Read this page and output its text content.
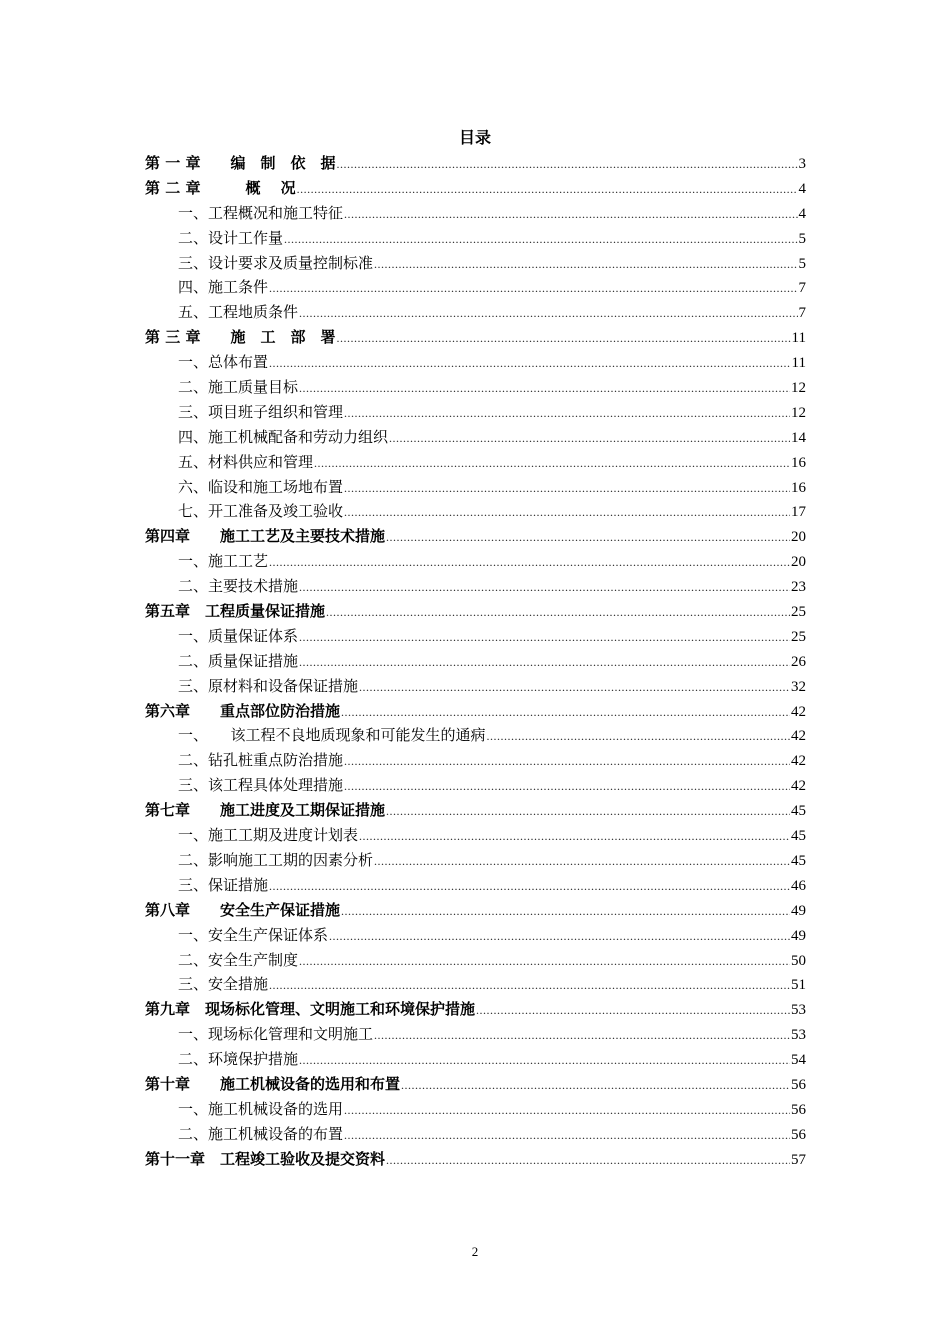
目录
第 一 章　　编　制　依　据 .....	3
第 二 章　　　概　 况 .....	4
一、工程概况和施工特征 .....	4
二、设计工作量 .....	5
三、设计要求及质量控制标准 .....	5
四、施工条件 .....	7
五、工程地质条件 .....	7
第 三 章　　施　工　部　署 .....	11
一、总体布置 .....	11
二、施工质量目标 .....	12
三、项目班子组织和管理 .....	12
四、施工机械配备和劳动力组织 .....	14
五、材料供应和管理 .....	16
六、临设和施工场地布置 .....	16
七、开工准备及竣工验收 .....	17
第四章　　施工工艺及主要技术措施 .....	20
一、施工工艺 .....	20
二、主要技术措施 .....	23
第五章　工程质量保证措施 .....	25
一、质量保证体系 .....	25
二、质量保证措施 .....	26
三、原材料和设备保证措施 .....	32
第六章　　重点部位防治措施 .....	42
一、　　该工程不良地质现象和可能发生的通病 .....	42
二、钻孔桩重点防治措施 .....	42
三、该工程具体处理措施 .....	42
第七章　　施工进度及工期保证措施 .....	45
一、施工工期及进度计划表 .....	45
二、影响施工工期的因素分析 .....	45
三、保证措施 .....	46
第八章　　安全生产保证措施 .....	49
一、安全生产保证体系 .....	49
二、安全生产制度 .....	50
三、安全措施 .....	51
第九章　现场标化管理、文明施工和环境保护措施 .....	53
一、现场标化管理和文明施工 .....	53
二、环境保护措施 .....	54
第十章　　施工机械设备的选用和布置 .....	56
一、施工机械设备的选用 .....	56
二、施工机械设备的布置 .....	56
第十一章　工程竣工验收及提交资料 .....	57
2
